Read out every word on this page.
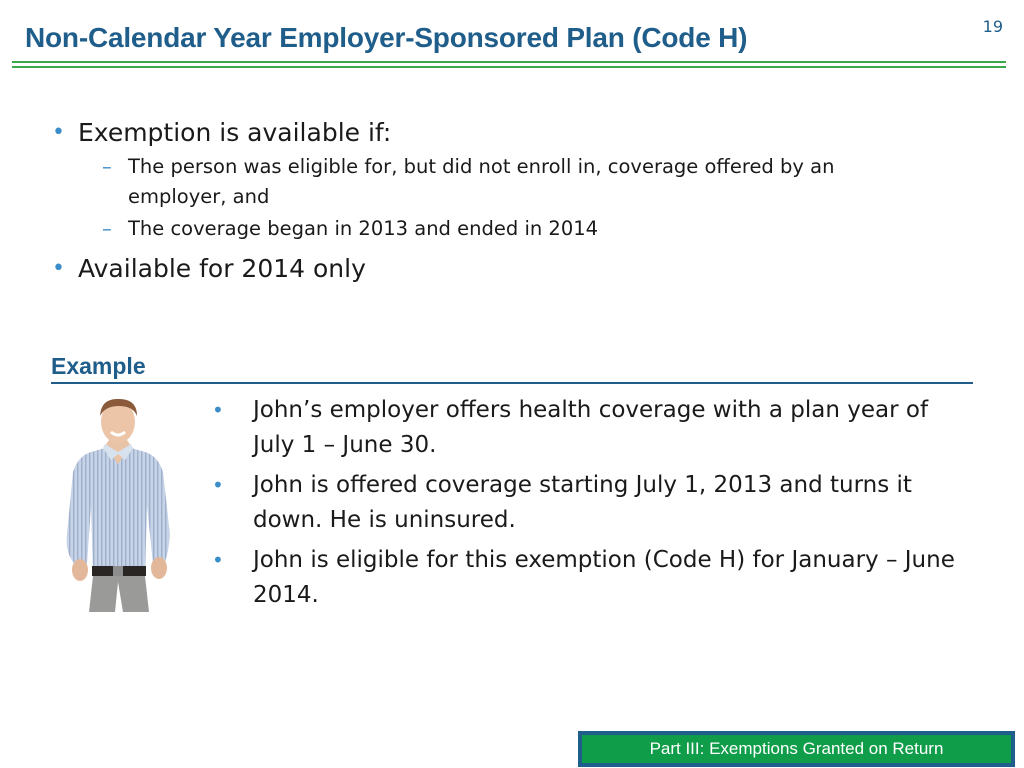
Non-Calendar Year Employer-Sponsored Plan (Code H)	19
• Exemption is available if:
– The person was eligible for, but did not enroll in, coverage offered by an employer, and
– The coverage began in 2013 and ended in 2014
• Available for 2014 only
Example
• John’s employer offers health coverage with a plan year of July 1 – June 30.
• John is offered coverage starting July 1, 2013 and turns it down. He is uninsured.
• John is eligible for this exemption (Code H) for January – June 2014.
Part III: Exemptions Granted on Return
